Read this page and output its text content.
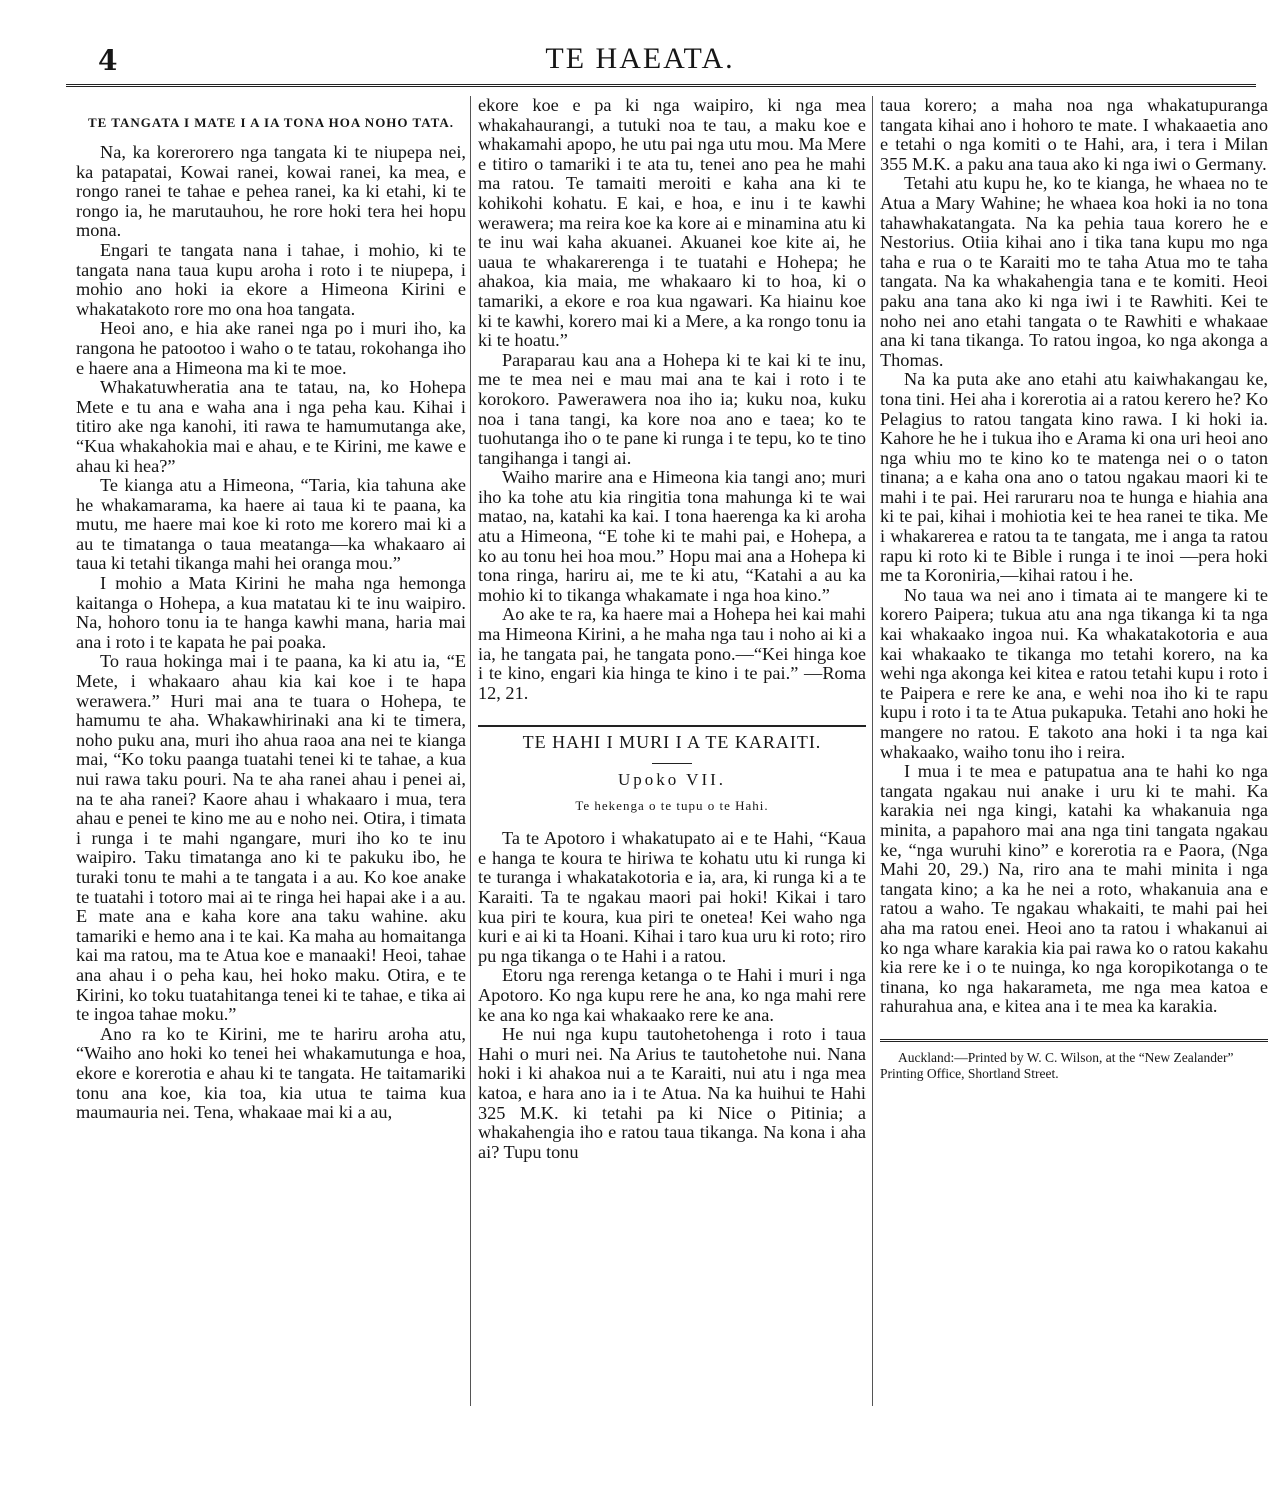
4	TE HAEATA.
TE TANGATA I MATE I A IA TONA HOA NOHO TATA.

Na, ka korerorero nga tangata ki te niupepa nei, ka patapatai, Kowai ranei, kowai ranei, ka mea, e rongo ranei te tahae e pehea ranei, ka ki etahi, ki te rongo ia, he marutauhou, he rore hoki tera hei hopu mona.

Engari te tangata nana i tahae, i mohio, ki te tangata nana taua kupu aroha i roto i te niupepa, i mohio ano hoki ia ekore a Himeona Kirini e whakatakoto rore mo ona hoa tangata.

Heoi ano, e hia ake ranei nga po i muri iho, ka rangona he patootoo i waho o te tatau, rokohanga iho e haere ana a Himeona ma ki te moe.

Whakatuwheratia ana te tatau, na, ko Hohepa Mete e tu ana e waha ana i nga peha kau. Kihai i titiro ake nga kanohi, iti rawa te hamumutanga ake, “Kua whakahokia mai e ahau, e te Kirini, me kawe e ahau ki hea?”

Te kianga atu a Himeona, “Taria, kia tahuna ake he whakamarama, ka haere ai taua ki te paana, ka mutu, me haere mai koe ki roto me korero mai ki a au te timatanga o taua meatanga—ka whakaaro ai taua ki tetahi tikanga mahi hei oranga mou.”

I mohio a Mata Kirini he maha nga hemonga kaitanga o Hohepa, a kua matatau ki te inu waipiro. Na, hohoro tonu ia te hanga kawhi mana, haria mai ana i roto i te kapata he pai poaka.

To raua hokinga mai i te paana, ka ki atu ia, “E Mete, i whakaaro ahau kia kai koe i te hapa werawera.” Huri mai ana te tuara o Hohepa, te hamumu te aha. Whakawhirinaki ana ki te timera, noho puku ana, muri iho ahua raoa ana nei te kianga mai, “Ko toku paanga tuatahi tenei ki te tahae, a kua nui rawa taku pouri. Na te aha ranei ahau i penei ai, na te aha ranei? Kaore ahau i whakaaro i mua, tera ahau e penei te kino me au e noho nei. Otira, i timata i runga i te mahi ngangare, muri iho ko te inu waipiro. Taku timatanga ano ki te pakuku ibo, he turaki tonu te mahi a te tangata i a au. Ko koe anake te tuatahi i totoro mai ai te ringa hei hapai ake i a au. E mate ana e kaha kore ana taku wahine. aku tamariki e hemo ana i te kai. Ka maha au homaitanga kai ma ratou, ma te Atua koe e manaaki! Heoi, tahae ana ahau i o peha kau, hei hoko maku. Otira, e te Kirini, ko toku tuatahitanga tenei ki te tahae, e tika ai te ingoa tahae moku.”

Ano ra ko te Kirini, me te hariru aroha atu, “Waiho ano hoki ko tenei hei whakamutunga e hoa, ekore e korerotia e ahau ki te tangata. He taitamariki tonu ana koe, kia toa, kia utua te taima kua maumauria nei. Tena, whakaae mai ki a au,

ekore koe e pa ki nga waipiro, ki nga mea whakahaurangi, a tutuki noa te tau, a maku koe e whakamahi apopo, he utu pai nga utu mou. Ma Mere e titiro o tamariki i te ata tu, tenei ano pea he mahi ma ratou. Te tamaiti meroiti e kaha ana ki te kohikohi kohatu. E kai, e hoa, e inu i te kawhi werawera; ma reira koe ka kore ai e minamina atu ki te inu wai kaha akuanei. Akuanei koe kite ai, he uaua te whakarerenga i te tuatahi e Hohepa; he ahakoa, kia maia, me whakaaro ki to hoa, ki o tamariki, a ekore e roa kua ngawari. Ka hiainu koe ki te kawhi, korero mai ki a Mere, a ka rongo tonu ia ki te hoatu.”

Paraparau kau ana a Hohepa ki te kai ki te inu, me te mea nei e mau mai ana te kai i roto i te korokoro. Pawerawera noa iho ia; kuku noa, kuku noa i tana tangi, ka kore noa ano e taea; ko te tuohutanga iho o te pane ki runga i te tepu, ko te tino tangihanga i tangi ai.

Waiho marire ana e Himeona kia tangi ano; muri iho ka tohe atu kia ringitia tona mahunga ki te wai matao, na, katahi ka kai. I tona haerenga ka ki aroha atu a Himeona, “E tohe ki te mahi pai, e Hohepa, a ko au tonu hei hoa mou.” Hopu mai ana a Hohepa ki tona ringa, hariru ai, me te ki atu, “Katahi a au ka mohio ki to tikanga whakamate i nga hoa kino.”

Ao ake te ra, ka haere mai a Hohepa hei kai mahi ma Himeona Kirini, a he maha nga tau i noho ai ki a ia, he tangata pai, he tangata pono.—“Kei hinga koe i te kino, engari kia hinga te kino i te pai.” —Roma 12, 21.

TE HAHI I MURI I A TE KARAITI.
Upoko VII.
Te hekenga o te tupu o te Hahi.

Ta te Apotoro i whakatupato ai e te Hahi, “Kaua e hanga te koura te hiriwa te kohatu utu ki runga ki te turanga i whakatakotoria e ia, ara, ki runga ki a te Karaiti. Ta te ngakau maori pai hoki! Kikai i taro kua piri te koura, kua piri te onetea! Kei waho nga kuri e ai ki ta Hoani. Kihai i taro kua uru ki roto; riro pu nga tikanga o te Hahi i a ratou.

Etoru nga rerenga ketanga o te Hahi i muri i nga Apotoro. Ko nga kupu rere he ana, ko nga mahi rere ke ana ko nga kai whakaako rere ke ana.

He nui nga kupu tautohetohenga i roto i taua Hahi o muri nei. Na Arius te tautohetohe nui. Nana hoki i ki ahakoa nui a te Karaiti, nui atu i nga mea katoa, e hara ano ia i te Atua. Na ka huihui te Hahi 325 M.K. ki tetahi pa ki Nice o Pitinia; a whakahengia iho e ratou taua tikanga. Na kona i aha ai? Tupu tonu

taua korero; a maha noa nga whakatupuranga tangata kihai ano i hohoro te mate. I whakaaetia ano e tetahi o nga komiti o te Hahi, ara, i tera i Milan 355 M.K. a paku ana taua ako ki nga iwi o Germany.

Tetahi atu kupu he, ko te kianga, he whaea no te Atua a Mary Wahine; he whaea koa hoki ia no tona tahawhakatangata. Na ka pehia taua korero he e Nestorius. Otiia kihai ano i tika tana kupu mo nga taha e rua o te Karaiti mo te taha Atua mo te taha tangata. Na ka whakahengia tana e te komiti. Heoi paku ana tana ako ki nga iwi i te Rawhiti. Kei te noho nei ano etahi tangata o te Rawhiti e whakaae ana ki tana tikanga. To ratou ingoa, ko nga akonga a Thomas.

Na ka puta ake ano etahi atu kaiwhakangau ke, tona tini. Hei aha i korerotia ai a ratou kerero he? Ko Pelagius to ratou tangata kino rawa. I ki hoki ia. Kahore he he i tukua iho e Arama ki ona uri heoi ano nga whiu mo te kino ko te matenga nei o o taton tinana; a e kaha ona ano o tatou ngakau maori ki te mahi i te pai. Hei raruraru noa te hunga e hiahia ana ki te pai, kihai i mohiotia kei te hea ranei te tika. Me i whakarerea e ratou ta te tangata, me i anga ta ratou rapu ki roto ki te Bible i runga i te inoi —pera hoki me ta Koroniria,—kihai ratou i he.

No taua wa nei ano i timata ai te mangere ki te korero Paipera; tukua atu ana nga tikanga ki ta nga kai whakaako ingoa nui. Ka whakatakotoria e aua kai whakaako te tikanga mo tetahi korero, na ka wehi nga akonga kei kitea e ratou tetahi kupu i roto i te Paipera e rere ke ana, e wehi noa iho ki te rapu kupu i roto i ta te Atua pukapuka. Tetahi ano hoki he mangere no ratou. E takoto ana hoki i ta nga kai whakaako, waiho tonu iho i reira.

I mua i te mea e patupatua ana te hahi ko nga tangata ngakau nui anake i uru ki te mahi. Ka karakia nei nga kingi, katahi ka whakanuia nga minita, a papahoro mai ana nga tini tangata ngakau ke, “nga wuruhi kino” e korerotia ra e Paora, (Nga Mahi 20, 29.) Na, riro ana te mahi minita i nga tangata kino; a ka he nei a roto, whakanuia ana e ratou a waho. Te ngakau whakaiti, te mahi pai hei aha ma ratou enei. Heoi ano ta ratou i whakanui ai ko nga whare karakia kia pai rawa ko o ratou kakahu kia rere ke i o te nuinga, ko nga koropikotanga o te tinana, ko nga hakarameta, me nga mea katoa e rahurahua ana, e kitea ana i te mea ka karakia.

Auckland:—Printed by W. C. Wilson, at the “New Zealander” Printing Office, Shortland Street.
